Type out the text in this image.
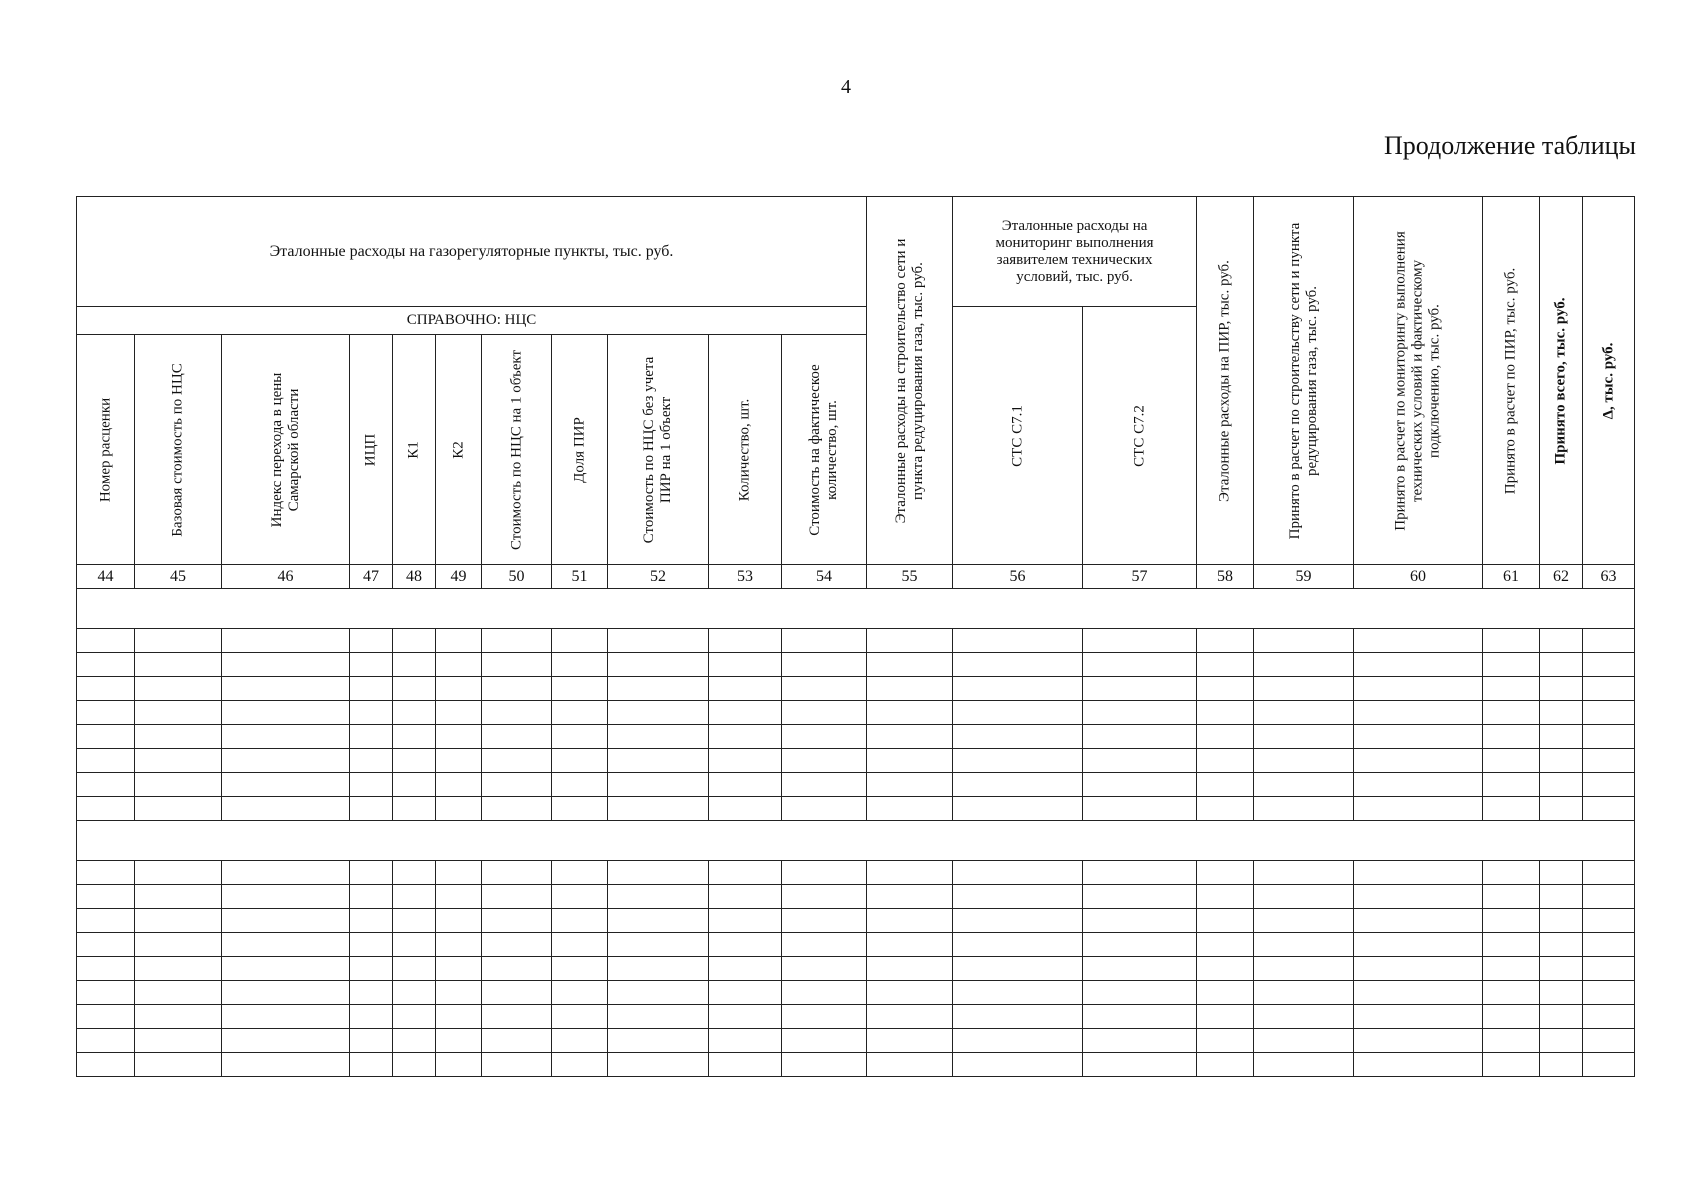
4
Продолжение таблицы
Эталонные расходы на газорегуляторные пункты, тыс. руб.											Эталонные расходы на строительство сети и пункта редуцирования газа, тыс. руб.	Эталонные расходы на мониторинг выполнения заявителем технических условий, тыс. руб.		Эталонные расходы на ПИР, тыс. руб.	Принято в расчет по строительству сети и пункта редуцирования газа, тыс. руб.	Принято в расчет по мониторингу выполнения технических условий и фактическому подключению, тыс. руб.	Принято в расчет по ПИР, тыс. руб.	Принято всего, тыс. руб.	Δ, тыс. руб.

СПРАВОЧНО: НЦС												СТС С7.1	СТС С7.2						

Номер расценки	Базовая стоимость по НЦС	Индекс перехода в цены Самарской области	ИЦП	К1	К2	Стоимость по НЦС на 1 объект	Доля ПИР	Стоимость по НЦС без учета ПИР на 1 объект	Количество, шт.	Стоимость на фактическое количество, шт.									

44	45	46	47	48	49	50	51	52	53	54	55	56	57	58	59	60	61	62	63
